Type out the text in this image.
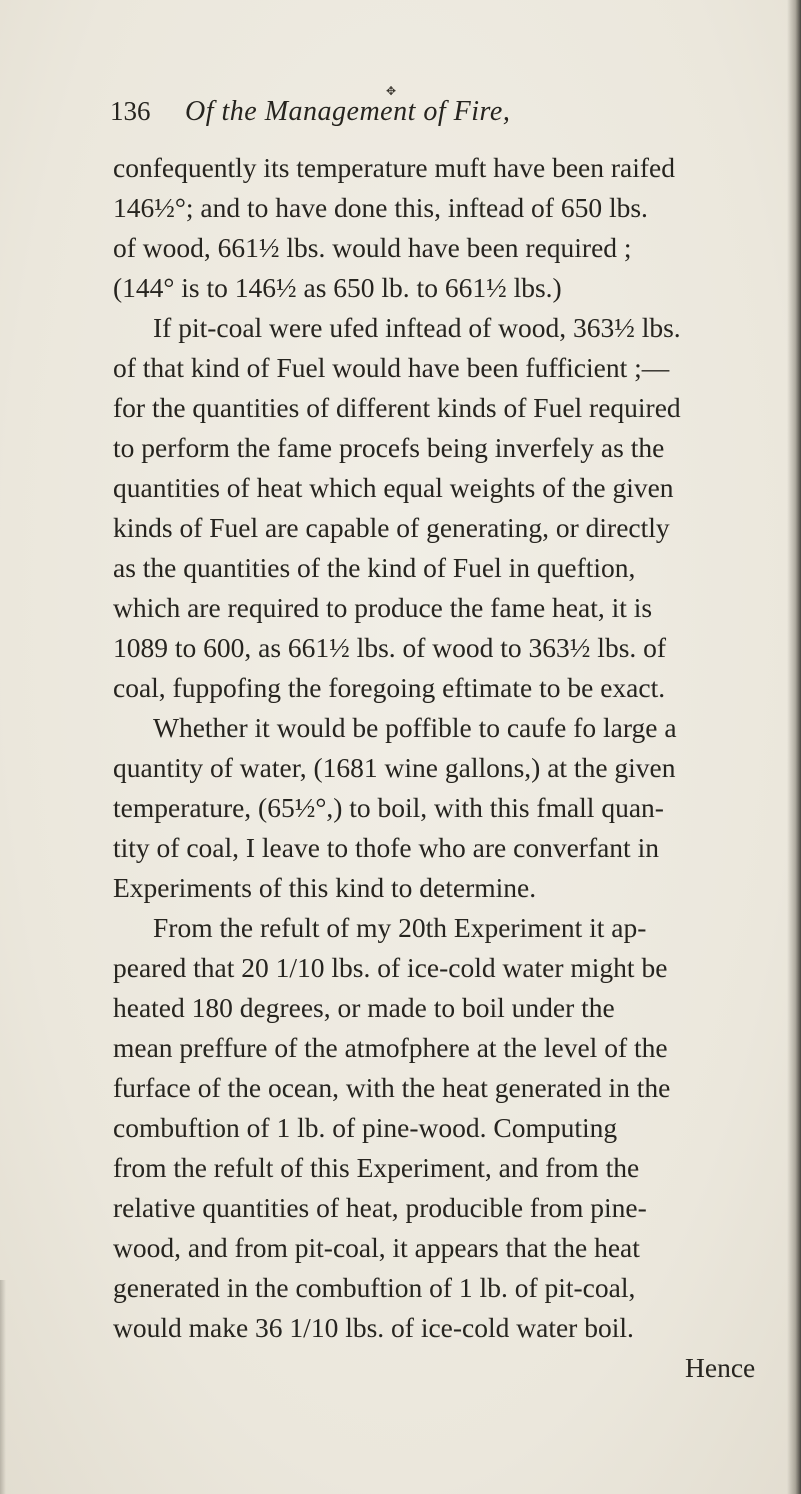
✥
136 Of the Management of Fire,
confequently its temperature muft have been raifed
146½°; and to have done this, inftead of 650 lbs.
of wood, 661½ lbs. would have been required ;
(144° is to 146½ as 650 lb. to 661½ lbs.)
If pit-coal were ufed inftead of wood, 363½ lbs.
of that kind of Fuel would have been fufficient ;—
for the quantities of different kinds of Fuel required
to perform the fame procefs being inverfely as the
quantities of heat which equal weights of the given
kinds of Fuel are capable of generating, or directly
as the quantities of the kind of Fuel in queftion,
which are required to produce the fame heat, it is
1089 to 600, as 661½ lbs. of wood to 363½ lbs. of
coal, fuppofing the foregoing eftimate to be exact.
Whether it would be poffible to caufe fo large a
quantity of water, (1681 wine gallons,) at the given
temperature, (65½°,) to boil, with this fmall quan-
tity of coal, I leave to thofe who are converfant in
Experiments of this kind to determine.
From the refult of my 20th Experiment it ap-
peared that 20 1/10 lbs. of ice-cold water might be
heated 180 degrees, or made to boil under the
mean preffure of the atmofphere at the level of the
furface of the ocean, with the heat generated in the
combuftion of 1 lb. of pine-wood. Computing
from the refult of this Experiment, and from the
relative quantities of heat, producible from pine-
wood, and from pit-coal, it appears that the heat
generated in the combuftion of 1 lb. of pit-coal,
would make 36 1/10 lbs. of ice-cold water boil.
Hence
